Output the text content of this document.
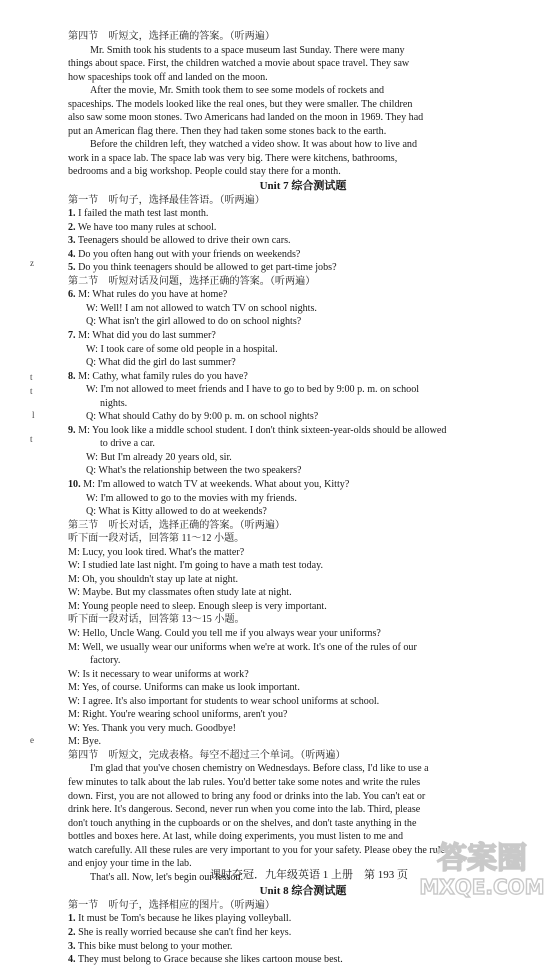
第四节　听短文，选择正确的答案。（听两遍）
Mr. Smith took his students to a space museum last Sunday. There were many
things about space. First, the children watched a movie about space travel. They saw
how spaceships took off and landed on the moon.
After the movie, Mr. Smith took them to see some models of rockets and
spaceships. The models looked like the real ones, but they were smaller. The children
also saw some moon stones. Two Americans had landed on the moon in 1969. They had
put an American flag there. Then they had taken some stones back to the earth.
Before the children left, they watched a video show. It was about how to live and
work in a space lab. The space lab was very big. There were kitchens, bathrooms,
bedrooms and a big workshop. People could stay there for a month.
Unit 7 综合测试题
第一节　听句子，选择最佳答语。（听两遍）
1. I failed the math test last month.
2. We have too many rules at school.
3. Teenagers should be allowed to drive their own cars.
4. Do you often hang out with your friends on weekends?
5. Do you think teenagers should be allowed to get part-time jobs?
第二节　听短对话及问题，选择正确的答案。（听两遍）
6. M: What rules do you have at home?
W: Well! I am not allowed to watch TV on school nights.
Q: What isn't the girl allowed to do on school nights?
7. M: What did you do last summer?
W: I took care of some old people in a hospital.
Q: What did the girl do last summer?
8. M: Cathy, what family rules do you have?
W: I'm not allowed to meet friends and I have to go to bed by 9:00 p. m. on school
nights.
Q: What should Cathy do by 9:00 p. m. on school nights?
9. M: You look like a middle school student. I don't think sixteen-year-olds should be allowed
to drive a car.
W: But I'm already 20 years old, sir.
Q: What's the relationship between the two speakers?
10. M: I'm allowed to watch TV at weekends. What about you, Kitty?
W: I'm allowed to go to the movies with my friends.
Q: What is Kitty allowed to do at weekends?
第三节　听长对话，选择正确的答案。（听两遍）
听下面一段对话，回答第 11～12 小题。
M: Lucy, you look tired. What's the matter?
W: I studied late last night. I'm going to have a math test today.
M: Oh, you shouldn't stay up late at night.
W: Maybe. But my classmates often study late at night.
M: Young people need to sleep. Enough sleep is very important.
听下面一段对话，回答第 13～15 小题。
W: Hello, Uncle Wang. Could you tell me if you always wear your uniforms?
M: Well, we usually wear our uniforms when we're at work. It's one of the rules of our
factory.
W: Is it necessary to wear uniforms at work?
M: Yes, of course. Uniforms can make us look important.
W: I agree. It's also important for students to wear school uniforms at school.
M: Right. You're wearing school uniforms, aren't you?
W: Yes. Thank you very much. Goodbye!
M: Bye.
第四节　听短文，完成表格。每空不超过三个单词。（听两遍）
I'm glad that you've chosen chemistry on Wednesdays. Before class, I'd like to use a
few minutes to talk about the lab rules. You'd better take some notes and write the rules
down. First, you are not allowed to bring any food or drinks into the lab. You can't eat or
drink here. It's dangerous. Second, never run when you come into the lab. Third, please
don't touch anything in the cupboards or on the shelves, and don't taste anything in the
bottles and boxes here. At last, while doing experiments, you must listen to me and
watch carefully. All these rules are very important to you for your safety. Please obey the rules
and enjoy your time in the lab.
That's all. Now, let's begin our lesson.
Unit 8 综合测试题
第一节　听句子，选择相应的图片。（听两遍）
1. It must be Tom's because he likes playing volleyball.
2. She is really worried because she can't find her keys.
3. This bike must belong to your mother.
4. They must belong to Grace because she likes cartoon mouse best.
z
t
t
l
t
e
课时夺冠．九年级英语 1 上册　第 193 页 答案圈
MXQE.COM
